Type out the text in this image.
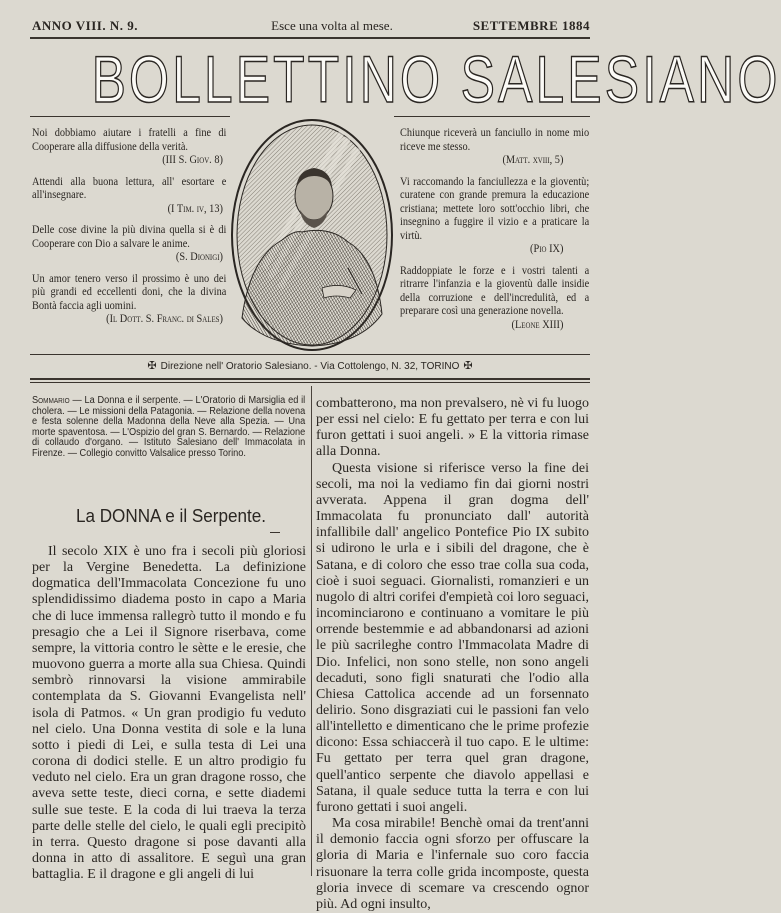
ANNO VIII. N. 9.	Esce una volta al mese.	SETTEMBRE 1884
BOLLETTINO SALESIANO
Noi dobbiamo aiutare i fratelli a fine di Cooperare alla diffusione della verità.
(III S. Giov. 8)
Attendi alla buona lettura, all' esortare e all'insegnare.
(I Tim. iv, 13)
Delle cose divine la più divina quella si è di Cooperare con Dio a salvare le anime.
(S. Dionigi)
Un amor tenero verso il prossimo è uno dei più grandi ed eccellenti doni, che la divina Bontà faccia agli uomini.
(Il Dott. S. Franc. di Sales)
Chiunque riceverà un fanciullo in nome mio riceve me stesso.
(Matt. xviii, 5)
Vi raccomando la fanciullezza e la gioventù; curatene con grande premura la educazione cristiana; mettete loro sott'occhio libri, che insegnino a fuggire il vizio e a praticare la virtù.
(Pio IX)
Raddoppiate le forze e i vostri talenti a ritrarre l'infanzia e la gioventù dalle insidie della corruzione e dell'incredulità, ed a preparare così una generazione novella.
(Leone XIII)
✠ Direzione nell' Oratorio Salesiano. - Via Cottolengo, N. 32, TORINO ✠
Sommario — La Donna e il serpente. — L'Oratorio di Marsiglia ed il cholera. — Le missioni della Patagonia. — Relazione della novena e festa solenne della Madonna della Neve alla Spezia. — Una morte spaventosa. — L'Ospizio del gran S. Bernardo. — Relazione di collaudo d'organo. — Istituto Salesiano dell' Immacolata in Firenze. — Collegio convitto Valsalice presso Torino.
La DONNA e il Serpente.

Il secolo XIX è uno fra i secoli più gloriosi per la Vergine Benedetta. La definizione dogmatica dell'Immacolata Concezione fu uno splendidissimo diadema posto in capo a Maria che di luce immensa rallegrò tutto il mondo e fu presagio che a Lei il Signore riserbava, come sempre, la vittoria contro le sètte e le eresie, che muovono guerra a morte alla sua Chiesa. Quindi sembrò rinnovarsi la visione ammirabile contemplata da S. Giovanni Evangelista nell' isola di Patmos. « Un gran prodigio fu veduto nel cielo. Una Donna vestita di sole e la luna sotto i piedi di Lei, e sulla testa di Lei una corona di dodici stelle. E un altro prodigio fu veduto nel cielo. Era un gran dragone rosso, che aveva sette teste, dieci corna, e sette diademi sulle sue teste. E la coda di lui traeva la terza parte delle stelle del cielo, le quali egli precipitò in terra. Questo dragone si pose davanti alla donna in atto di assalitore. E seguì una gran battaglia. E il dragone e gli angeli di lui

combatterono, ma non prevalsero, nè vi fu luogo per essi nel cielo: E fu gettato per terra e con lui furon gettati i suoi angeli. » E la vittoria rimase alla Donna.

Questa visione si riferisce verso la fine dei secoli, ma noi la vediamo fin dai giorni nostri avverata. Appena il gran dogma dell' Immacolata fu pronunciato dall' autorità infallibile dall' angelico Pontefice Pio IX subito si udirono le urla e i sibili del dragone, che è Satana, e di coloro che esso trae colla sua coda, cioè i suoi seguaci. Giornalisti, romanzieri e un nugolo di altri corifei d'empietà coi loro seguaci, incominciarono e continuano a vomitare le più orrende bestemmie e ad abbandonarsi ad azioni le più sacrileghe contro l'Immacolata Madre di Dio. Infelici, non sono stelle, non sono angeli decaduti, sono figli snaturati che l'odio alla Chiesa Cattolica accende ad un forsennato delirio. Sono disgraziati cui le passioni fan velo all'intelletto e dimenticano che le prime profezie dicono: Essa schiaccerà il tuo capo. E le ultime: Fu gettato per terra quel gran dragone, quell'antico serpente che diavolo appellasi e Satana, il quale seduce tutta la terra e con lui furono gettati i suoi angeli.

Ma cosa mirabile! Benchè omai da trent'anni il demonio faccia ogni sforzo per offuscare la gloria di Maria e l'infernale suo coro faccia risuonare la terra colle grida incomposte, questa gloria invece di scemare va crescendo ognor più. Ad ogni insulto,
